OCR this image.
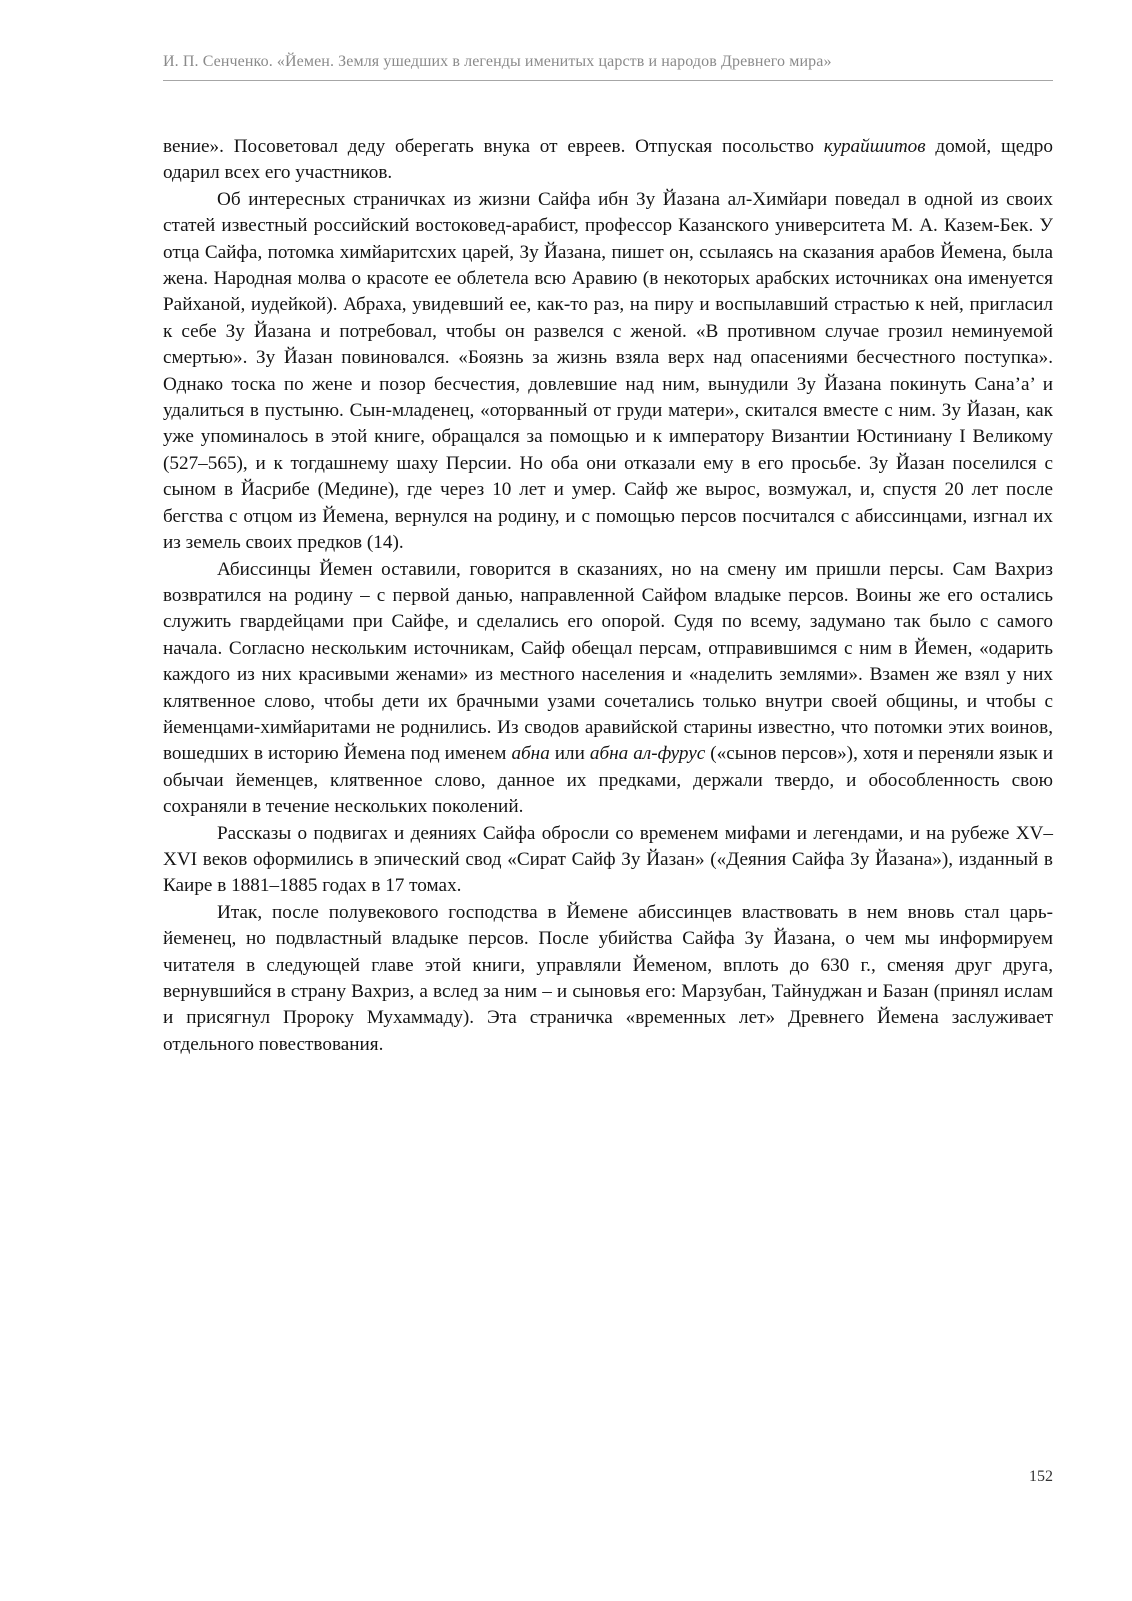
И. П. Сенченко. «Йемен. Земля ушедших в легенды именитых царств и народов Древнего мира»

вение». Посоветовал деду оберегать внука от евреев. Отпуская посольство курайшитов домой, щедро одарил всех его участников.

Об интересных страничках из жизни Сайфа ибн Зу Йазана ал-Химйари поведал в одной из своих статей известный российский востоковед-арабист, профессор Казанского университета М. А. Казем-Бек. У отца Сайфа, потомка химйаритсхих царей, Зу Йазана, пишет он, ссылаясь на сказания арабов Йемена, была жена. Народная молва о красоте ее облетела всю Аравию (в некоторых арабских источниках она именуется Райханой, иудейкой). Абраха, увидевший ее, как-то раз, на пиру и воспылавший страстью к ней, пригласил к себе Зу Йазана и потребовал, чтобы он развелся с женой. «В противном случае грозил неминуемой смертью». Зу Йазан повиновался. «Боязнь за жизнь взяла верх над опасениями бесчестного поступка». Однако тоска по жене и позор бесчестия, довлевшие над ним, вынудили Зу Йазана покинуть Сана’а’ и удалиться в пустыню. Сын-младенец, «оторванный от груди матери», скитался вместе с ним. Зу Йазан, как уже упоминалось в этой книге, обращался за помощью и к императору Византии Юстиниану I Великому (527–565), и к тогдашнему шаху Персии. Но оба они отказали ему в его просьбе. Зу Йазан поселился с сыном в Йасрибе (Медине), где через 10 лет и умер. Сайф же вырос, возмужал, и, спустя 20 лет после бегства с отцом из Йемена, вернулся на родину, и с помощью персов посчитался с абиссинцами, изгнал их из земель своих предков (14).

Абиссинцы Йемен оставили, говорится в сказаниях, но на смену им пришли персы. Сам Вахриз возвратился на родину – с первой данью, направленной Сайфом владыке персов. Воины же его остались служить гвардейцами при Сайфе, и сделались его опорой. Судя по всему, задумано так было с самого начала. Согласно нескольким источникам, Сайф обещал персам, отправившимся с ним в Йемен, «одарить каждого из них красивыми женами» из местного населения и «наделить землями». Взамен же взял у них клятвенное слово, чтобы дети их брачными узами сочетались только внутри своей общины, и чтобы с йеменцами-химйаритами не роднились. Из сводов аравийской старины известно, что потомки этих воинов, вошедших в историю Йемена под именем абна или абна ал-фурус («сынов персов»), хотя и переняли язык и обычаи йеменцев, клятвенное слово, данное их предками, держали твердо, и обособленность свою сохраняли в течение нескольких поколений.

Рассказы о подвигах и деяниях Сайфа обросли со временем мифами и легендами, и на рубеже XV–XVI веков оформились в эпический свод «Сират Сайф Зу Йазан» («Деяния Сайфа Зу Йазана»), изданный в Каире в 1881–1885 годах в 17 томах.

Итак, после полувекового господства в Йемене абиссинцев властвовать в нем вновь стал царь-йеменец, но подвластный владыке персов. После убийства Сайфа Зу Йазана, о чем мы информируем читателя в следующей главе этой книги, управляли Йеменом, вплоть до 630 г., сменяя друг друга, вернувшийся в страну Вахриз, а вслед за ним – и сыновья его: Марзубан, Тайнуджан и Базан (принял ислам и присягнул Пророку Мухаммаду). Эта страничка «временных лет» Древнего Йемена заслуживает отдельного повествования.

152
